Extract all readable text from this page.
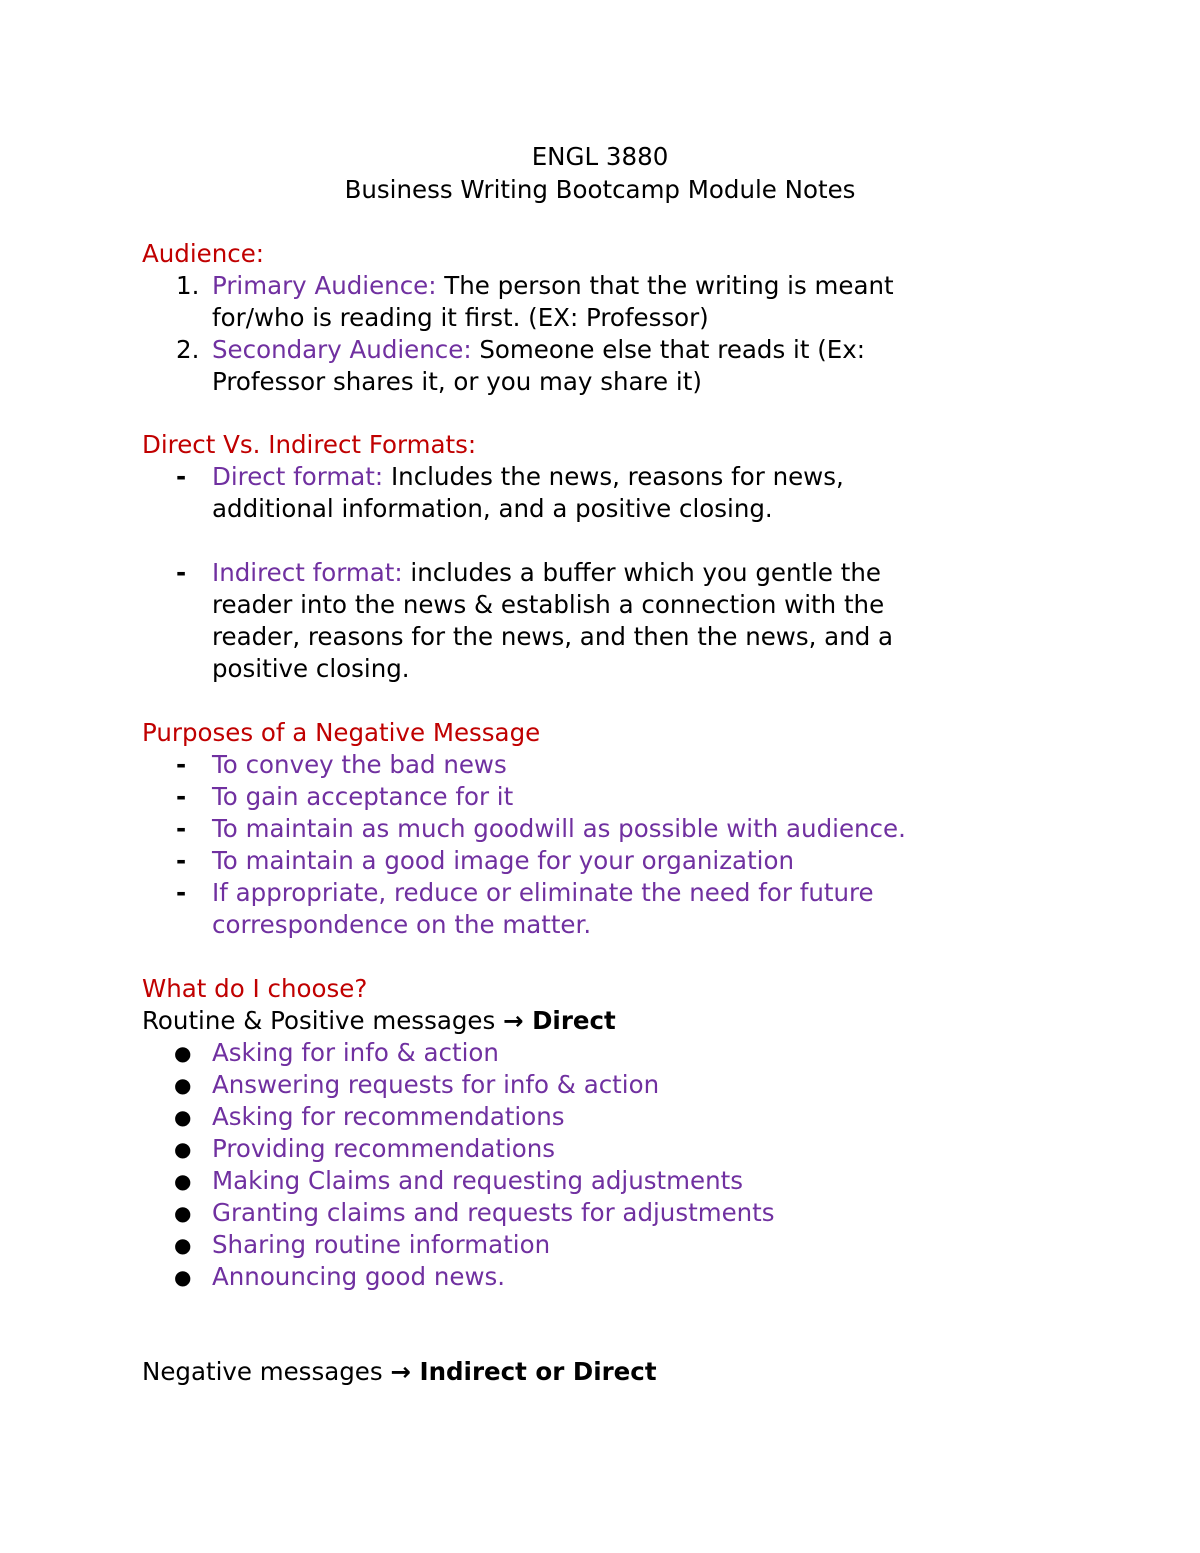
ENGL 3880
Business Writing Bootcamp Module Notes
Audience:
1. Primary Audience: The person that the writing is meant
for/who is reading it first. (EX: Professor)
2. Secondary Audience: Someone else that reads it (Ex:
Professor shares it, or you may share it)
Direct Vs. Indirect Formats:
- Direct format: Includes the news, reasons for news,
additional information, and a positive closing.
- Indirect format: includes a buffer which you gentle the
reader into the news & establish a connection with the
reader, reasons for the news, and then the news, and a
positive closing.
Purposes of a Negative Message
- To convey the bad news
- To gain acceptance for it
- To maintain as much goodwill as possible with audience.
- To maintain a good image for your organization
- If appropriate, reduce or eliminate the need for future
correspondence on the matter.
What do I choose?
Routine & Positive messages → Direct
● Asking for info & action
● Answering requests for info & action
● Asking for recommendations
● Providing recommendations
● Making Claims and requesting adjustments
● Granting claims and requests for adjustments
● Sharing routine information
● Announcing good news.
Negative messages → Indirect or Direct
